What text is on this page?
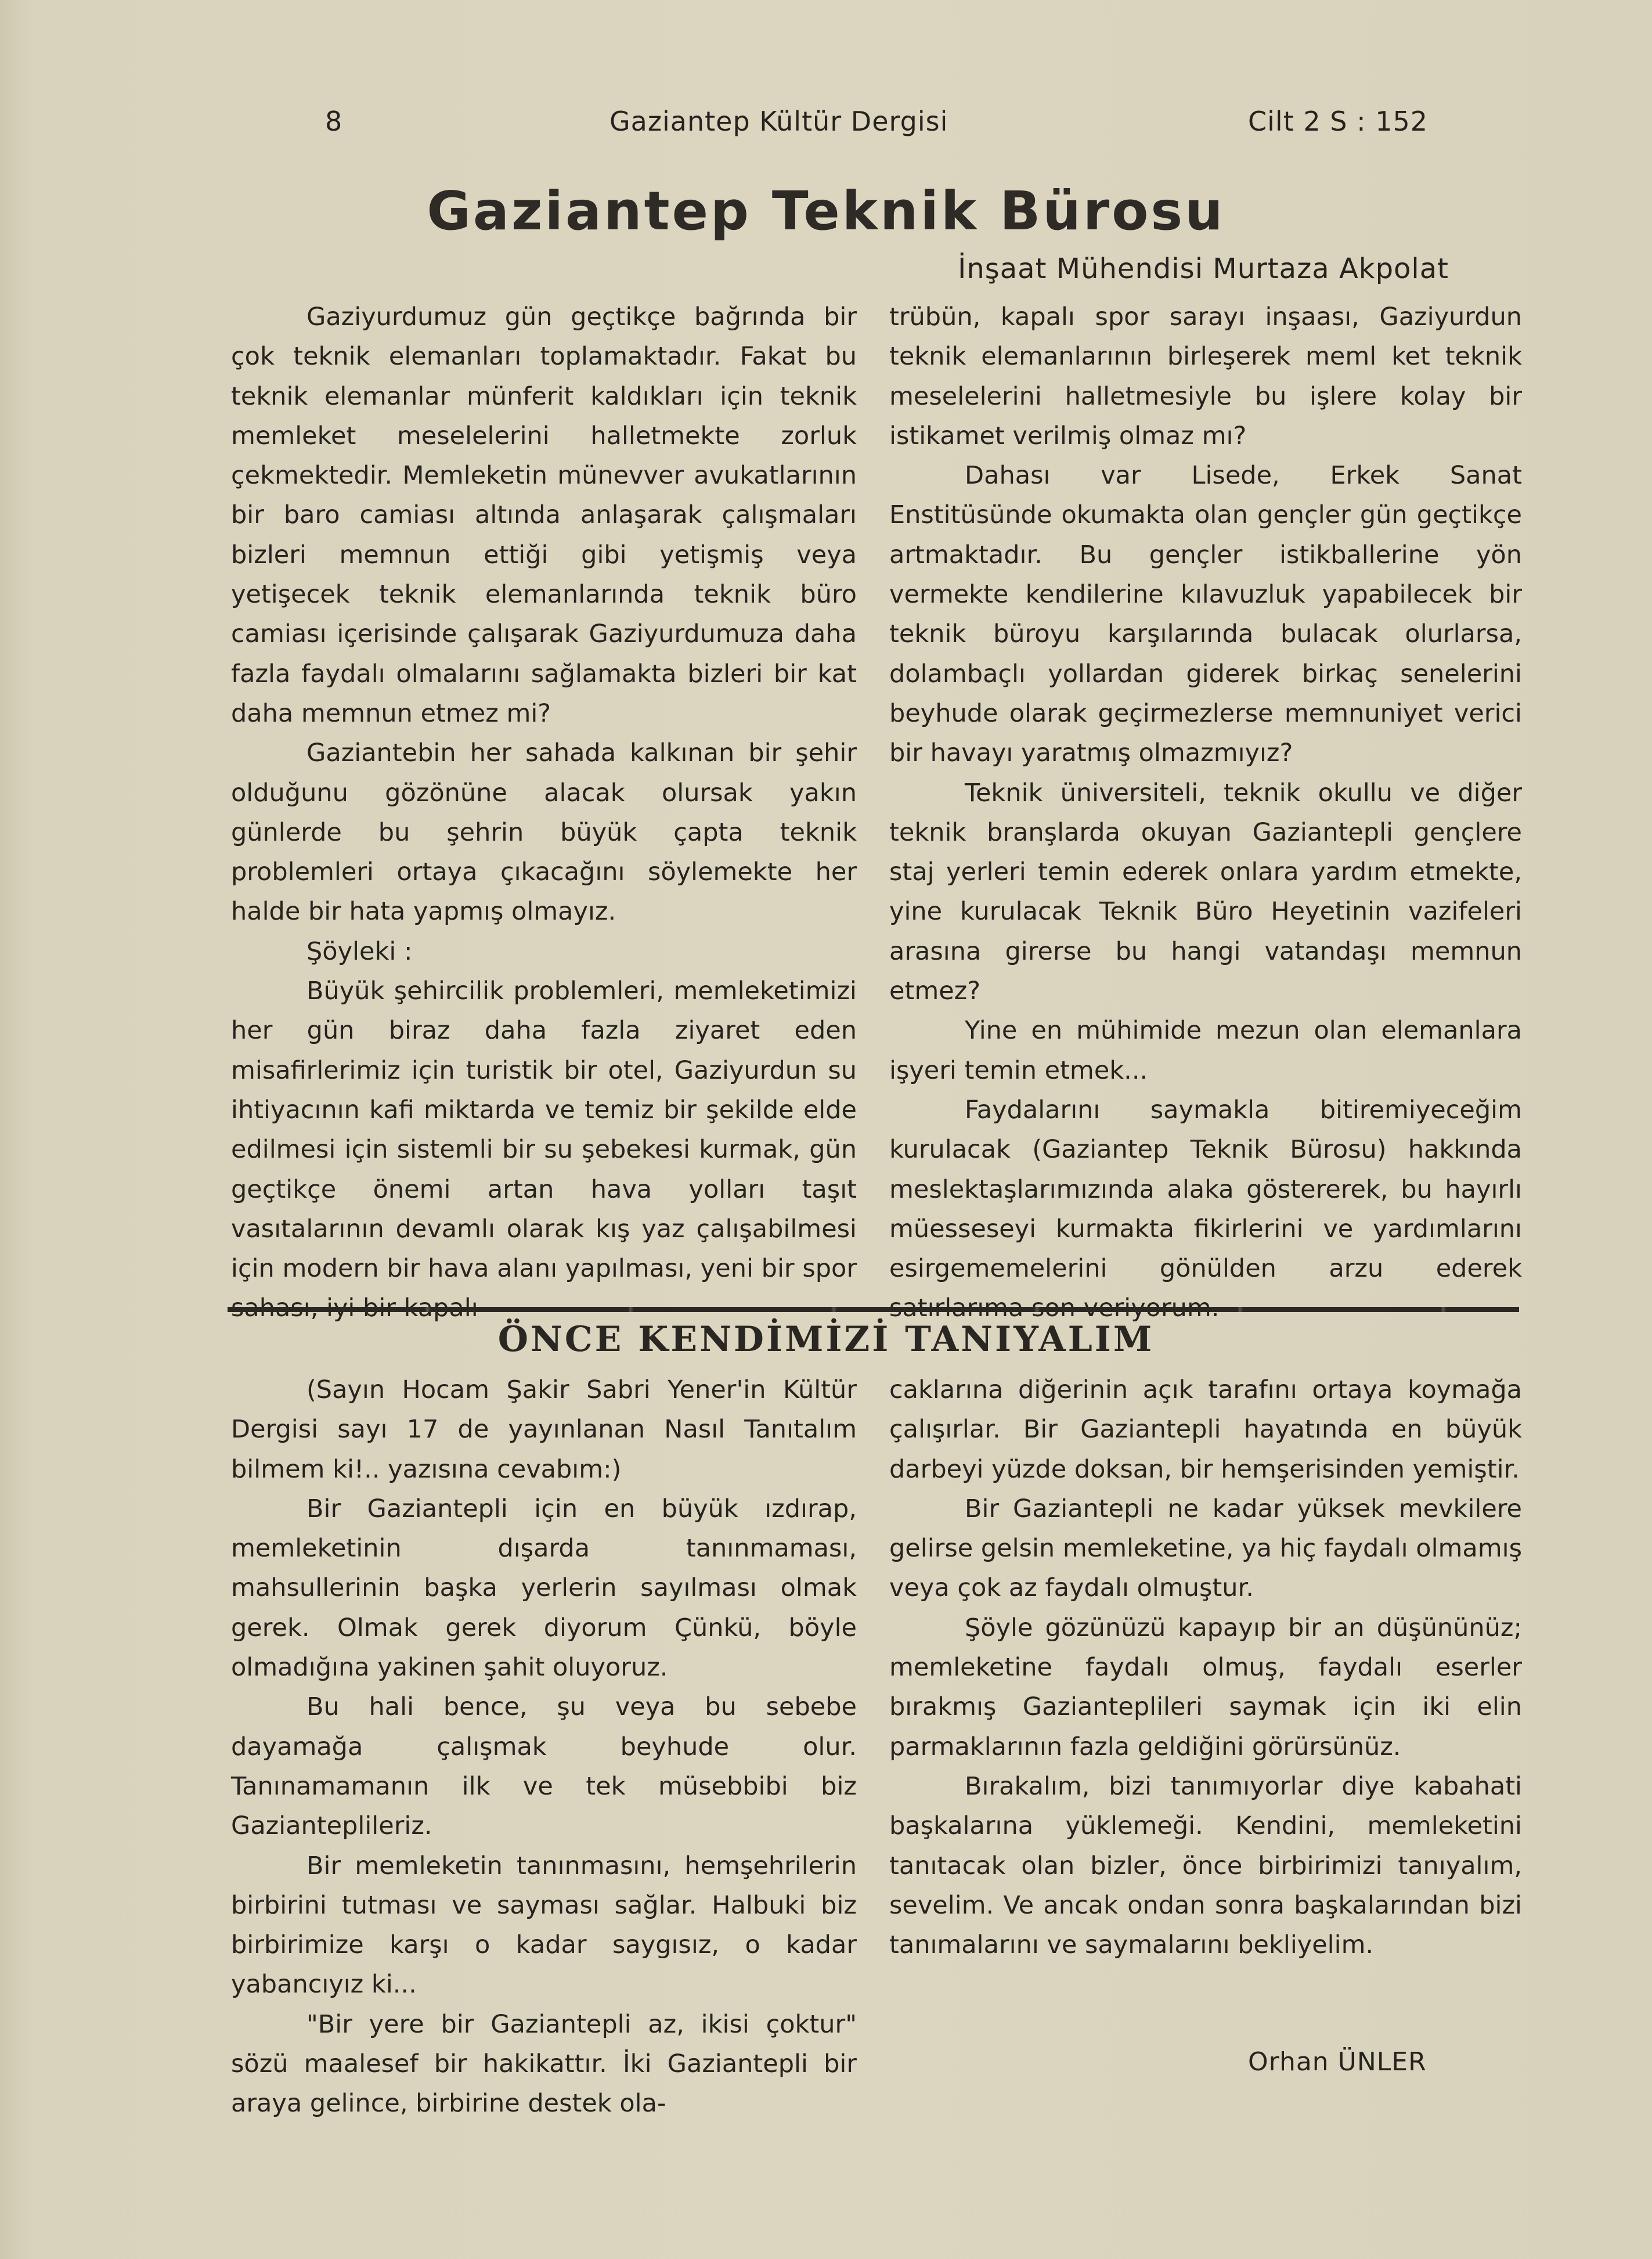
8	Gaziantep Kültür Dergisi	Cilt 2 S : 152
Gaziantep Teknik Bürosu
İnşaat Mühendisi Murtaza Akpolat

Gaziyurdumuz gün geçtikçe bağrında bir çok teknik elemanları toplamaktadır. Fakat bu teknik elemanlar münferit kaldıkları için teknik memleket meselelerini halletmekte zorluk çekmektedir. Memleketin münevver avukatlarının bir baro camiası altında anlaşarak çalışmaları bizleri memnun ettiği gibi yetişmiş veya yetişecek teknik elemanlarında teknik büro camiası içerisinde çalışarak Gaziyurdumuza daha fazla faydalı olmalarını sağlamakta bizleri bir kat daha memnun etmez mi?

Gaziantebin her sahada kalkınan bir şehir olduğunu gözönüne alacak olursak yakın günlerde bu şehrin büyük çapta teknik problemleri ortaya çıkacağını söylemekte her halde bir hata yapmış olmayız.

Şöyleki :

Büyük şehircilik problemleri, memleketimizi her gün biraz daha fazla ziyaret eden misafirlerimiz için turistik bir otel, Gaziyurdun su ihtiyacının kafi miktarda ve temiz bir şekilde elde edilmesi için sistemli bir su şebekesi kurmak, gün geçtikçe önemi artan hava yolları taşıt vasıtalarının devamlı olarak kış yaz çalışabilmesi için modern bir hava alanı yapılması, yeni bir spor

trübün, kapalı spor sarayı inşaası, Gaziyurdun teknik elemanlarının birleşerek meml ket teknik meselelerini halletmesiyle bu işlere kolay bir istikamet verilmiş olmaz mı?

Dahası var Lisede, Erkek Sanat Enstitüsünde okumakta olan gençler gün geçtikçe artmaktadır. Bu gençler istikballerine yön vermekte kendilerine kılavuzluk yapabilecek bir teknik büroyu karşılarında bulacak olurlarsa, dolambaçlı yollardan giderek birkaç senelerini beyhude olarak geçirmezlerse memnuniyet verici bir havayı yaratmış olmazmıyız?

Teknik üniversiteli, teknik okullu ve diğer teknik branşlarda okuyan Gaziantepli gençlere staj yerleri temin ederek onlara yardım etmekte, yine kurulacak Teknik Büro Heyetinin vazifeleri arasına girerse bu hangi vatandaşı memnun etmez?

Yine en mühimide mezun olan elemanlara işyeri temin etmek...

Faydalarını saymakla bitiremiyeceğim kurulacak (Gaziantep Teknik Bürosu) hakkında meslektaşlarımızında alaka göstererek, bu hayırlı müesseseyi kurmakta fikirlerini ve yardımlarını esirgememelerini gönülden arzu ederek

ÖNCE KENDİMİZİ TANIYALIM

(Sayın Hocam Şakir Sabri Yener'in Kültür Dergisi sayı 17 de yayınlanan Nasıl Tanıtalım bilmem ki!.. yazısına cevabım:)

Bir Gaziantepli için en büyük ızdırap, memleketinin dışarda tanınmaması, mahsullerinin başka yerlerin sayılması olmak gerek. Olmak gerek diyorum Çünkü, böyle olmadığına yakinen şahit oluyoruz.

Bu hali bence, şu veya bu sebebe dayamağa çalışmak beyhude olur. Tanınamamanın ilk ve tek müsebbibi biz Gazianteplileriz.

Bir memleketin tanınmasını, hemşehrilerin birbirini tutması ve sayması sağlar. Halbuki biz birbirimize karşı o kadar saygısız, o kadar yabancıyız ki...

"Bir yere bir Gaziantepli az, ikisi çoktur" sözü maalesef bir hakikattır. İki Gaziantepli bir araya gelince, birbirine destek ola-

caklarına diğerinin açık tarafını ortaya koymağa çalışırlar. Bir Gaziantepli hayatında en büyük darbeyi yüzde doksan, bir hemşerisinden yemiştir.

Bir Gaziantepli ne kadar yüksek mevkilere gelirse gelsin memleketine, ya hiç faydalı olmamış veya çok az faydalı olmuştur.

Şöyle gözünüzü kapayıp bir an düşününüz; memleketine faydalı olmuş, faydalı eserler bırakmış Gazianteplileri saymak için iki elin parmaklarının fazla geldiğini görürsünüz.

Bırakalım, bizi tanımıyorlar diye kabahati başkalarına yüklemeği. Kendini, memleketini tanıtacak olan bizler, önce birbirimizi tanıyalım, sevelim. Ve ancak ondan sonra başkalarından bizi tanımalarını ve saymalarını bekliyelim.

Orhan ÜNLER
